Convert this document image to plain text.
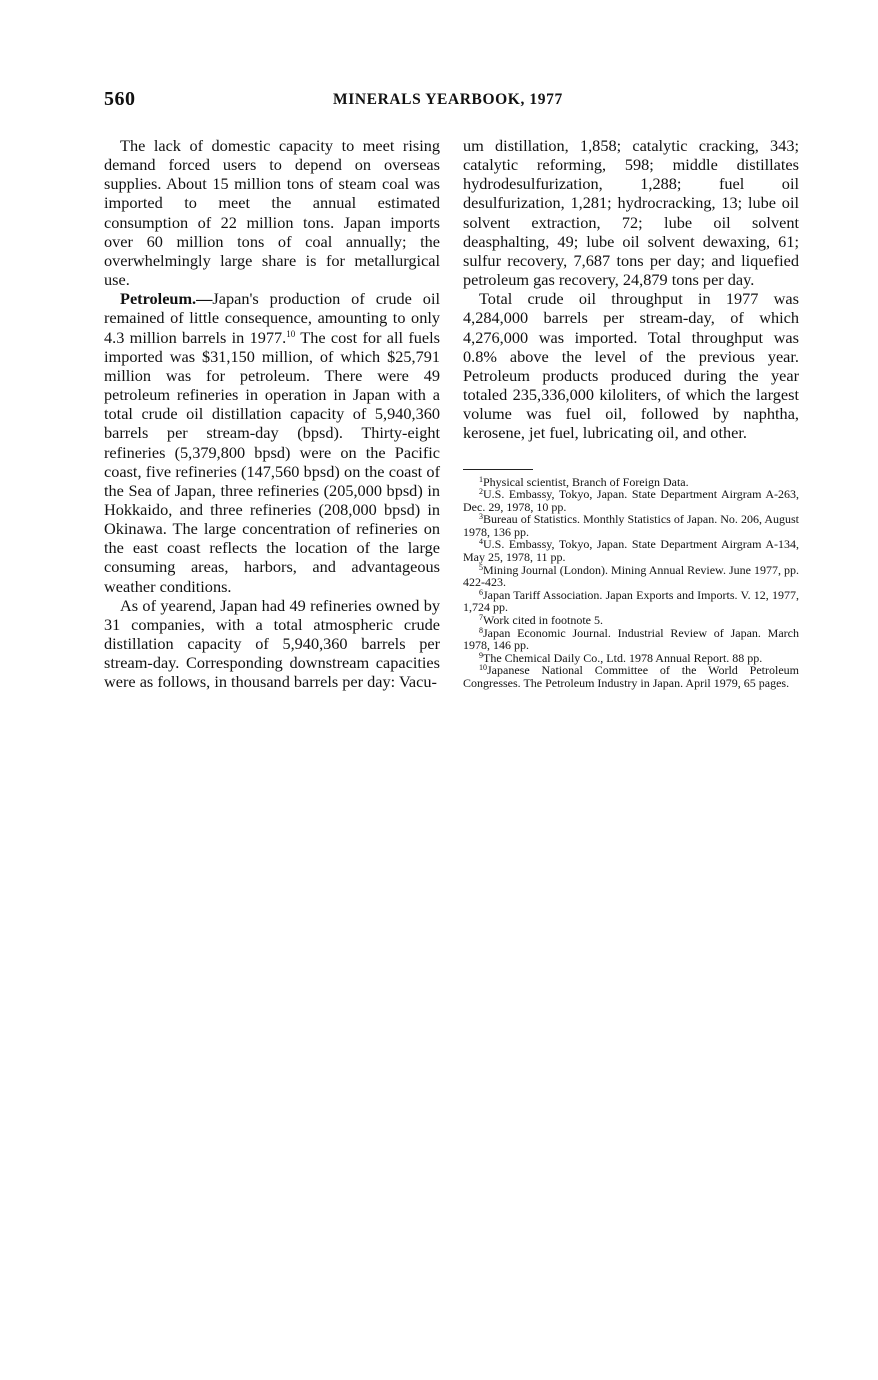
560	MINERALS YEARBOOK, 1977

The lack of domestic capacity to meet rising demand forced users to depend on overseas supplies. About 15 million tons of steam coal was imported to meet the annual estimated consumption of 22 million tons. Japan imports over 60 million tons of coal annually; the overwhelmingly large share is for metallurgical use.

Petroleum.—Japan's production of crude oil remained of little consequence, amounting to only 4.3 million barrels in 1977.10 The cost for all fuels imported was $31,150 million, of which $25,791 million was for petroleum. There were 49 petroleum refineries in operation in Japan with a total crude oil distillation capacity of 5,940,360 barrels per stream-day (bpsd). Thirty-eight refineries (5,379,800 bpsd) were on the Pacific coast, five refineries (147,560 bpsd) on the coast of the Sea of Japan, three refineries (205,000 bpsd) in Hokkaido, and three refineries (208,000 bpsd) in Okinawa. The large concentration of refineries on the east coast reflects the location of the large consuming areas, harbors, and advantageous weather conditions.

As of yearend, Japan had 49 refineries owned by 31 companies, with a total atmospheric crude distillation capacity of 5,940,360 barrels per stream-day. Corresponding downstream capacities were as follows, in thousand barrels per day: Vacu-

um distillation, 1,858; catalytic cracking, 343; catalytic reforming, 598; middle distillates hydrodesulfurization, 1,288; fuel oil desulfurization, 1,281; hydrocracking, 13; lube oil solvent extraction, 72; lube oil solvent deasphalting, 49; lube oil solvent dewaxing, 61; sulfur recovery, 7,687 tons per day; and liquefied petroleum gas recovery, 24,879 tons per day.

Total crude oil throughput in 1977 was 4,284,000 barrels per stream-day, of which 4,276,000 was imported. Total throughput was 0.8% above the level of the previous year. Petroleum products produced during the year totaled 235,336,000 kiloliters, of which the largest volume was fuel oil, followed by naphtha, kerosene, jet fuel, lubricating oil, and other.

$^1$Physical scientist, Branch of Foreign Data.

$^2$U.S. Embassy, Tokyo, Japan. State Department Airgram A-263, Dec. 29, 1978, 10 pp.

$^3$Bureau of Statistics. Monthly Statistics of Japan. No. 206, August 1978, 136 pp.

$^4$U.S. Embassy, Tokyo, Japan. State Department Airgram A-134, May 25, 1978, 11 pp.

$^5$Mining Journal (London). Mining Annual Review. June 1977, pp. 422-423.

$^6$Japan Tariff Association. Japan Exports and Imports. V. 12, 1977, 1,724 pp.

$^7$Work cited in footnote 5.

$^8$Japan Economic Journal. Industrial Review of Japan. March 1978, 146 pp.

$^9$The Chemical Daily Co., Ltd. 1978 Annual Report. 88 pp.

$^{10}$Japanese National Committee of the World Petroleum Congresses. The Petroleum Industry in Japan. April 1979, 65 pages.
